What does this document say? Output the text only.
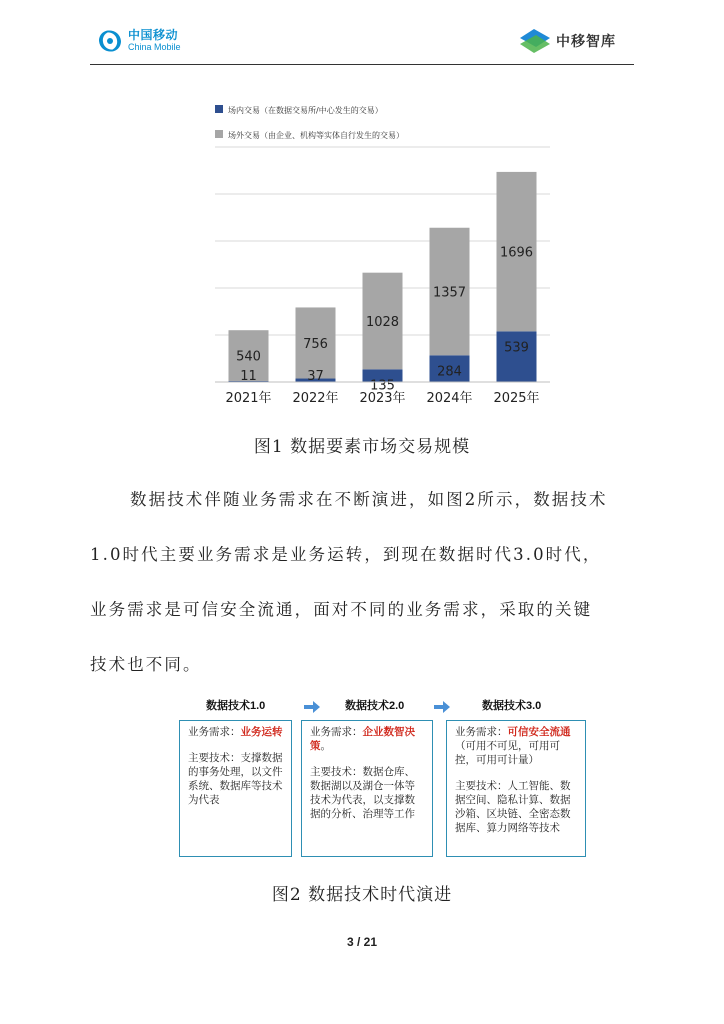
中国移动
China Mobile	中移智库
场内交易（在数据交易所/中心发生的交易）
场外交易（由企业、机构等实体自行发生的交易）
11
540
2021年
37
756
2022年
135
1028
2023年
284
1357
2024年
539
1696
2025年
图1 数据要素市场交易规模
数据技术伴随业务需求在不断演进，如图2所示，数据技术
1.0时代主要业务需求是业务运转，到现在数据时代3.0时代，
业务需求是可信安全流通，面对不同的业务需求，采取的关键
技术也不同。
数据技术1.0	数据技术2.0	数据技术3.0

业务需求：业务运转

主要技术：支撑数据的事务处理，以文件系统、数据库等技术为代表

业务需求：企业数智决策。

主要技术：数据仓库、数据湖以及湖仓一体等技术为代表，以支撑数据的分析、治理等工作

业务需求：可信安全流通（可用不可见，可用可控，可用可计量）

主要技术：人工智能、数据空间、隐私计算、数据沙箱、区块链、全密态数据库、算力网络等技术

图2 数据技术时代演进
3 / 21
